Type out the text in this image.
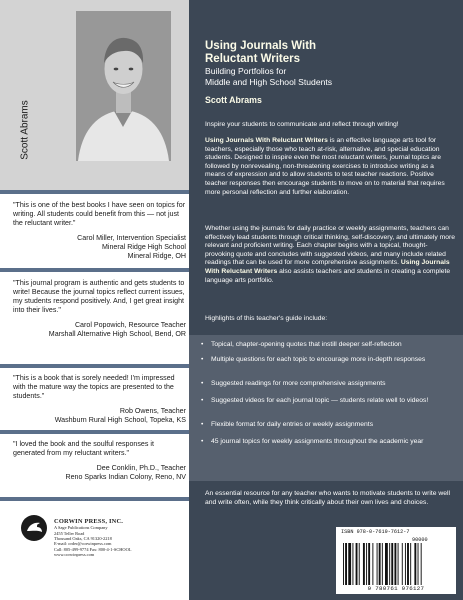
Scott Abrams
"This is one of the best books I have seen on topics for writing. All students could benefit from this — not just the reluctant writer."
Carol Miller, Intervention Specialist
Mineral Ridge High School
Mineral Ridge, OH
"This journal program is authentic and gets students to write! Because the journal topics reflect current issues, my students respond positively. And, I get great insight into their lives."
Carol Popowich, Resource Teacher
Marshall Alternative High School, Bend, OR
"This is a book that is sorely needed! I'm impressed with the mature way the topics are presented to the students."
Rob Owens, Teacher
Washburn Rural High School, Topeka, KS
"I loved the book and the soulful responses it generated from my reluctant writers."
Dee Conklin, Ph.D., Teacher
Reno Sparks Indian Colony, Reno, NV
CORWIN PRESS, INC.
A Sage Publications Company
2455 Teller Road
Thousand Oaks, CA 91320-2218
E-mail: order@corwinpress.com
Call: 805-499-9774 Fax: 800-4-1-SCHOOL
www.corwinpress.com
Using Journals With
Reluctant Writers
Building Portfolios for
Middle and High School Students
Scott Abrams
Inspire your students to communicate and reflect through writing!
Using Journals With Reluctant Writers is an effective language arts tool for teachers, especially those who teach at-risk, alternative, and special education students. Designed to inspire even the most reluctant writers, journal topics are followed by nonrevealing, non-threatening exercises to introduce writing as a means of expression and to allow students to test teacher reactions. Positive teacher responses then encourage students to move on to material that requires more personal reflection and further elaboration.
Whether using the journals for daily practice or weekly assignments, teachers can effectively lead students through critical thinking, self-discovery, and ultimately more relevant and proficient writing. Each chapter begins with a topical, thought-provoking quote and concludes with suggested videos, and many include related readings that can be used for more comprehensive assignments. Using Journals With Reluctant Writers also assists teachers and students in creating a complete language arts portfolio.
Highlights of this teacher's guide include:
• Topical, chapter-opening quotes that instill deeper self-reflection
• Multiple questions for each topic to encourage more in-depth responses
• Suggested readings for more comprehensive assignments
• Suggested videos for each journal topic — students relate well to videos!
• Flexible format for daily entries or weekly assignments
• 45 journal topics for weekly assignments throughout the academic year
An essential resource for any teacher who wants to motivate students to write well and write often, while they think critically about their own lives and choices.
ISBN 978-0-7619-7612-7
90000
9 780761 976127
